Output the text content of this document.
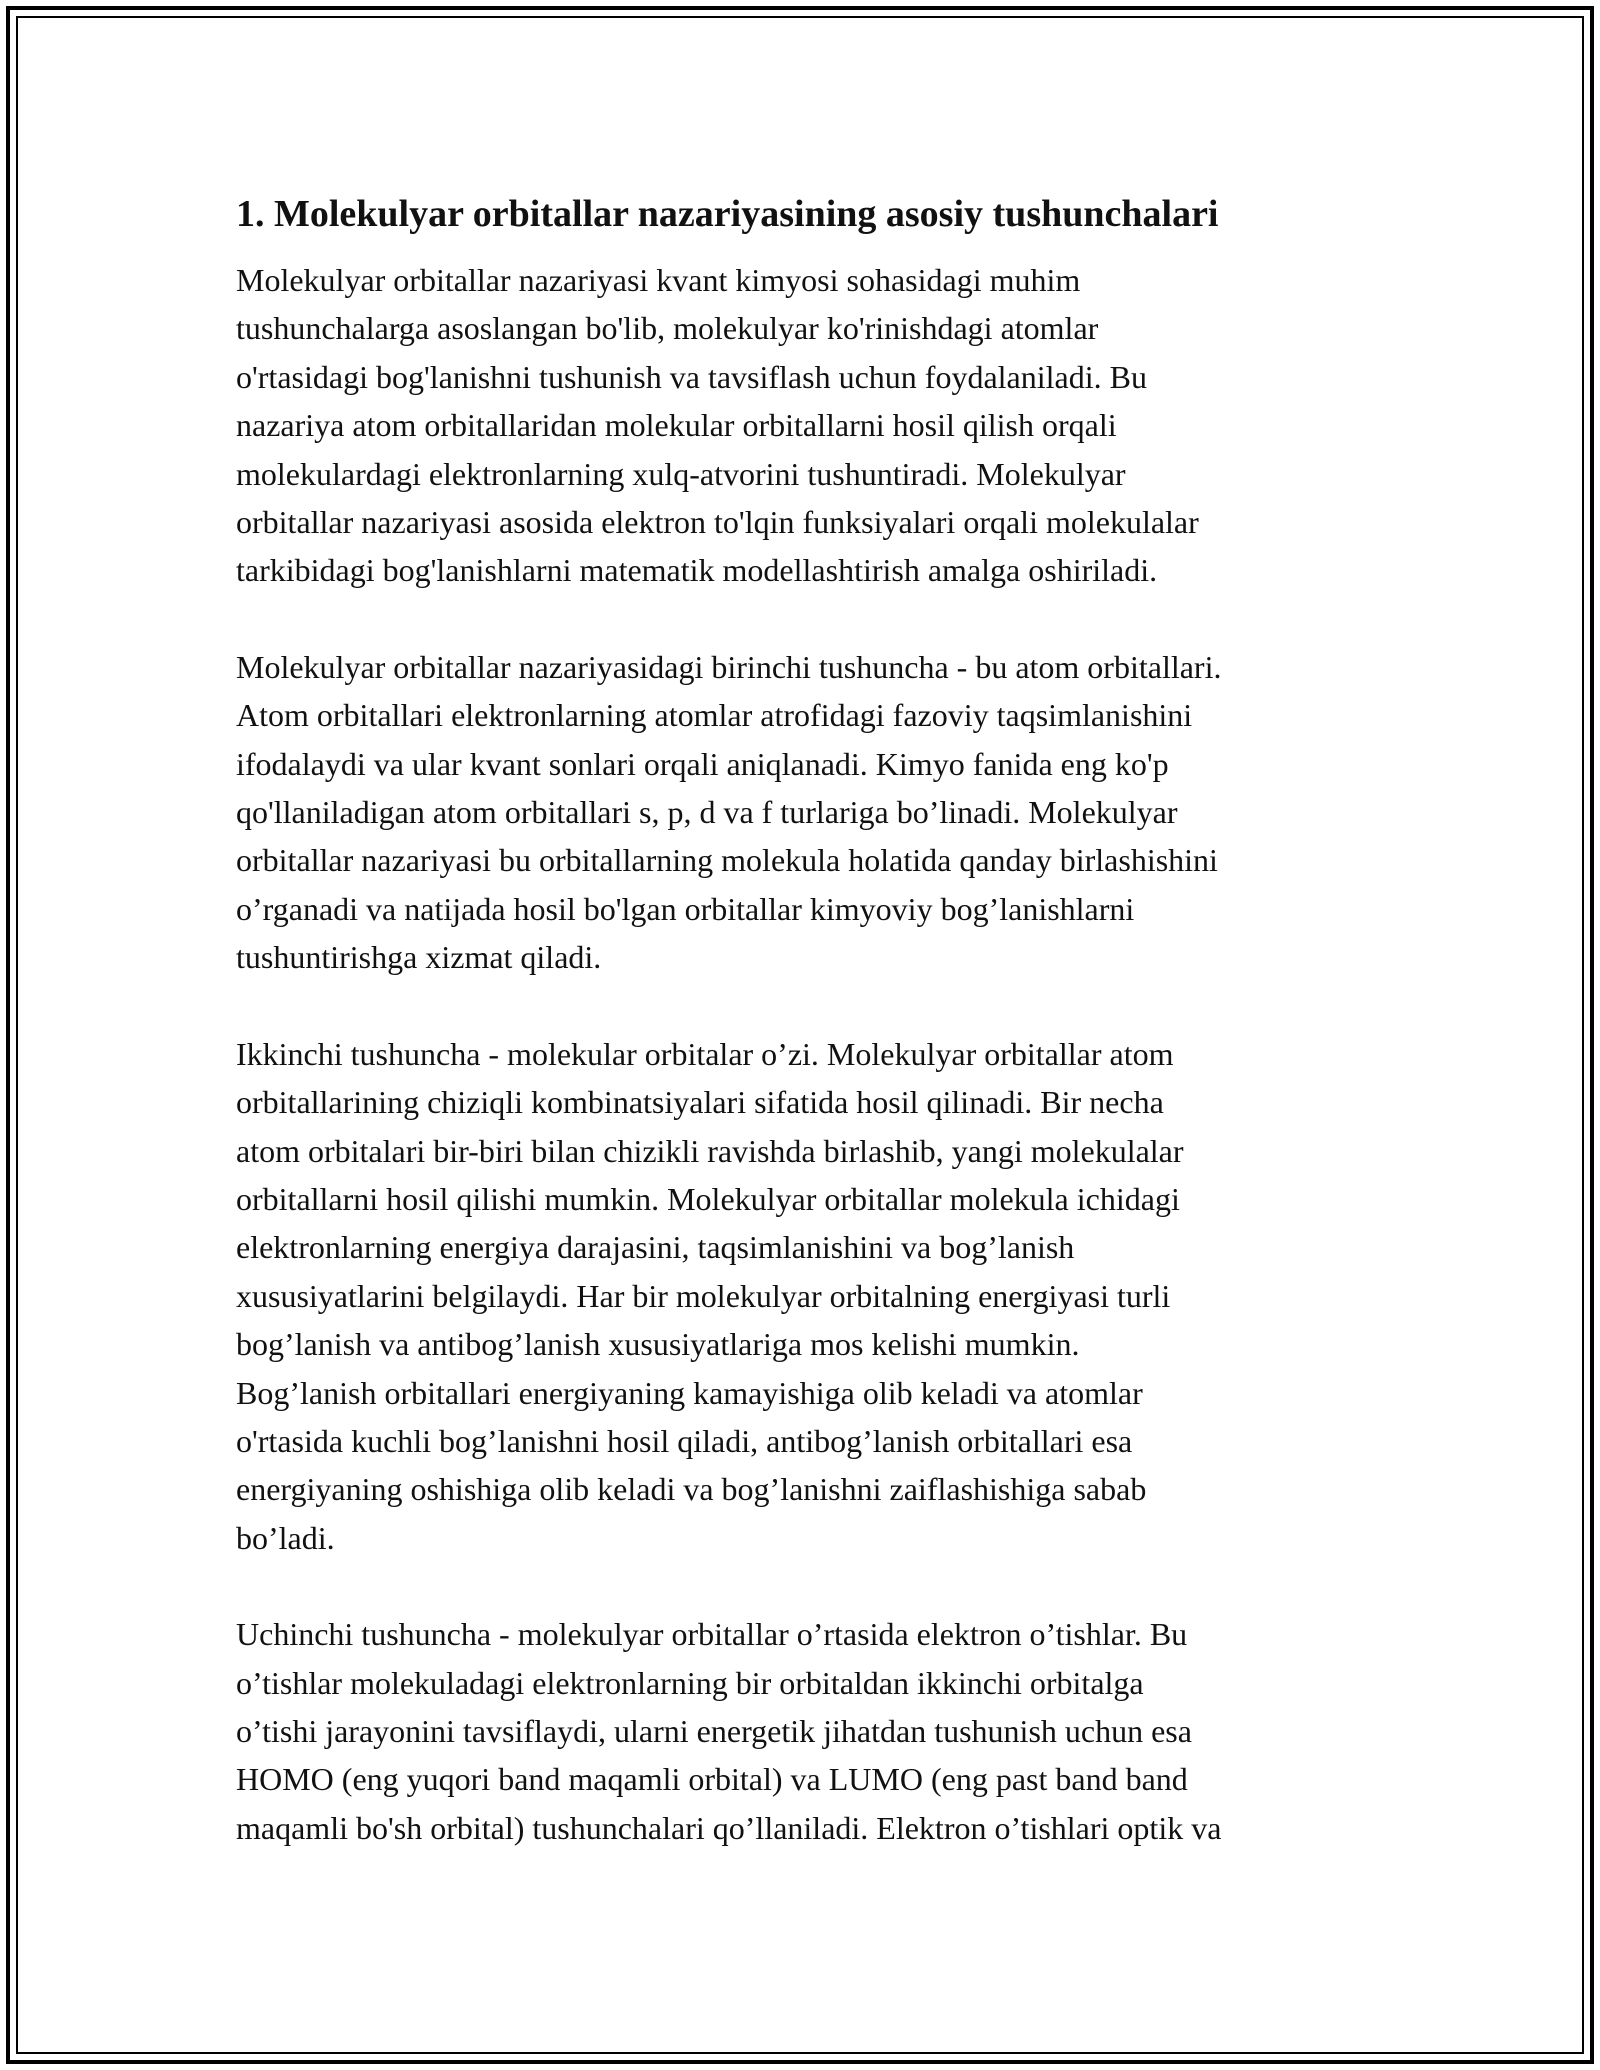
1. Molekulyar orbitallar nazariyasining asosiy tushunchalari

Molekulyar orbitallar nazariyasi kvant kimyosi sohasidagi muhim
tushunchalarga asoslangan bo'lib, molekulyar ko'rinishdagi atomlar
o'rtasidagi bog'lanishni tushunish va tavsiflash uchun foydalaniladi. Bu
nazariya atom orbitallaridan molekular orbitallarni hosil qilish orqali
molekulardagi elektronlarning xulq-atvorini tushuntiradi. Molekulyar
orbitallar nazariyasi asosida elektron to'lqin funksiyalari orqali molekulalar
tarkibidagi bog'lanishlarni matematik modellashtirish amalga oshiriladi.

Molekulyar orbitallar nazariyasidagi birinchi tushuncha - bu atom orbitallari.
Atom orbitallari elektronlarning atomlar atrofidagi fazoviy taqsimlanishini
ifodalaydi va ular kvant sonlari orqali aniqlanadi. Kimyo fanida eng ko'p
qo'llaniladigan atom orbitallari s, p, d va f turlariga bo’linadi. Molekulyar
orbitallar nazariyasi bu orbitallarning molekula holatida qanday birlashishini
o’rganadi va natijada hosil bo'lgan orbitallar kimyoviy bog’lanishlarni
tushuntirishga xizmat qiladi.

Ikkinchi tushuncha - molekular orbitalar o’zi. Molekulyar orbitallar atom
orbitallarining chiziqli kombinatsiyalari sifatida hosil qilinadi. Bir necha
atom orbitalari bir-biri bilan chizikli ravishda birlashib, yangi molekulalar
orbitallarni hosil qilishi mumkin. Molekulyar orbitallar molekula ichidagi
elektronlarning energiya darajasini, taqsimlanishini va bog’lanish
xususiyatlarini belgilaydi. Har bir molekulyar orbitalning energiyasi turli
bog’lanish va antibog’lanish xususiyatlariga mos kelishi mumkin.
Bog’lanish orbitallari energiyaning kamayishiga olib keladi va atomlar
o'rtasida kuchli bog’lanishni hosil qiladi, antibog’lanish orbitallari esa
energiyaning oshishiga olib keladi va bog’lanishni zaiflashishiga sabab
bo’ladi.

Uchinchi tushuncha - molekulyar orbitallar o’rtasida elektron o’tishlar. Bu
o’tishlar molekuladagi elektronlarning bir orbitaldan ikkinchi orbitalga
o’tishi jarayonini tavsiflaydi, ularni energetik jihatdan tushunish uchun esa
HOMO (eng yuqori band maqamli orbital) va LUMO (eng past band band
maqamli bo'sh orbital) tushunchalari qo’llaniladi. Elektron o’tishlari optik va
